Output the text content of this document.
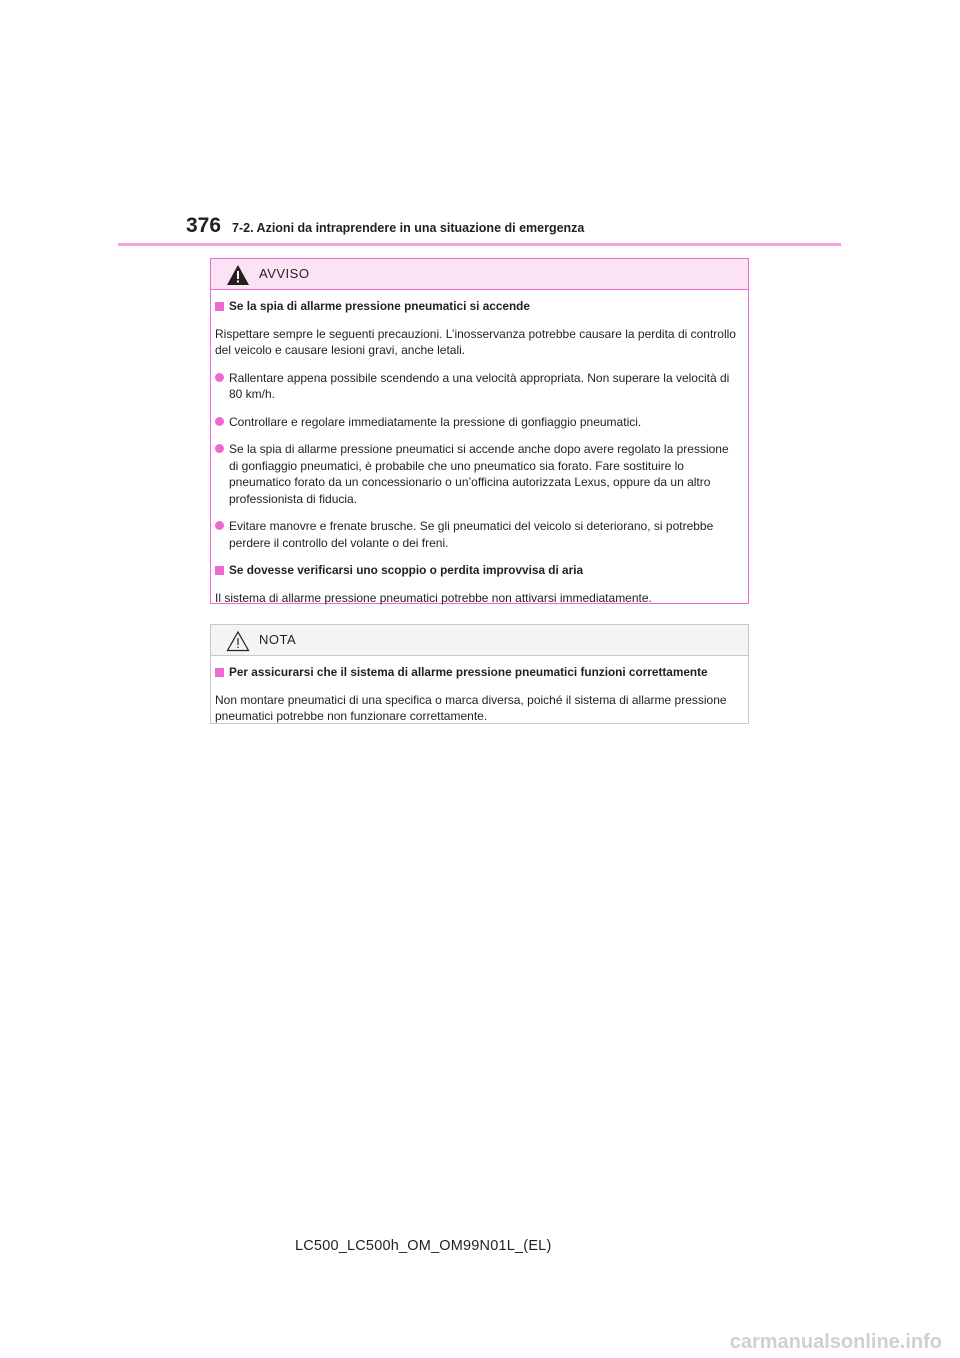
376 7-2. Azioni da intraprendere in una situazione di emergenza
AVVISO
Se la spia di allarme pressione pneumatici si accende

Rispettare sempre le seguenti precauzioni. L’inosservanza potrebbe causare la perdita di controllo del veicolo e causare lesioni gravi, anche letali.

Rallentare appena possibile scendendo a una velocità appropriata. Non superare la velocità di 80 km/h.
Controllare e regolare immediatamente la pressione di gonfiaggio pneumatici.
Se la spia di allarme pressione pneumatici si accende anche dopo avere regolato la pressione di gonfiaggio pneumatici, è probabile che uno pneumatico sia forato. Fare sostituire lo pneumatico forato da un concessionario o un’officina autorizzata Lexus, oppure da un altro professionista di fiducia.
Evitare manovre e frenate brusche. Se gli pneumatici del veicolo si deteriorano, si potrebbe perdere il controllo del volante o dei freni.
Se dovesse verificarsi uno scoppio o perdita improvvisa di aria

Il sistema di allarme pressione pneumatici potrebbe non attivarsi immediatamente.

NOTA
Per assicurarsi che il sistema di allarme pressione pneumatici funzioni correttamente

Non montare pneumatici di una specifica o marca diversa, poiché il sistema di allarme pressione pneumatici potrebbe non funzionare correttamente.

LC500_LC500h_OM_OM99N01L_(EL)
carmanualsonline.info
